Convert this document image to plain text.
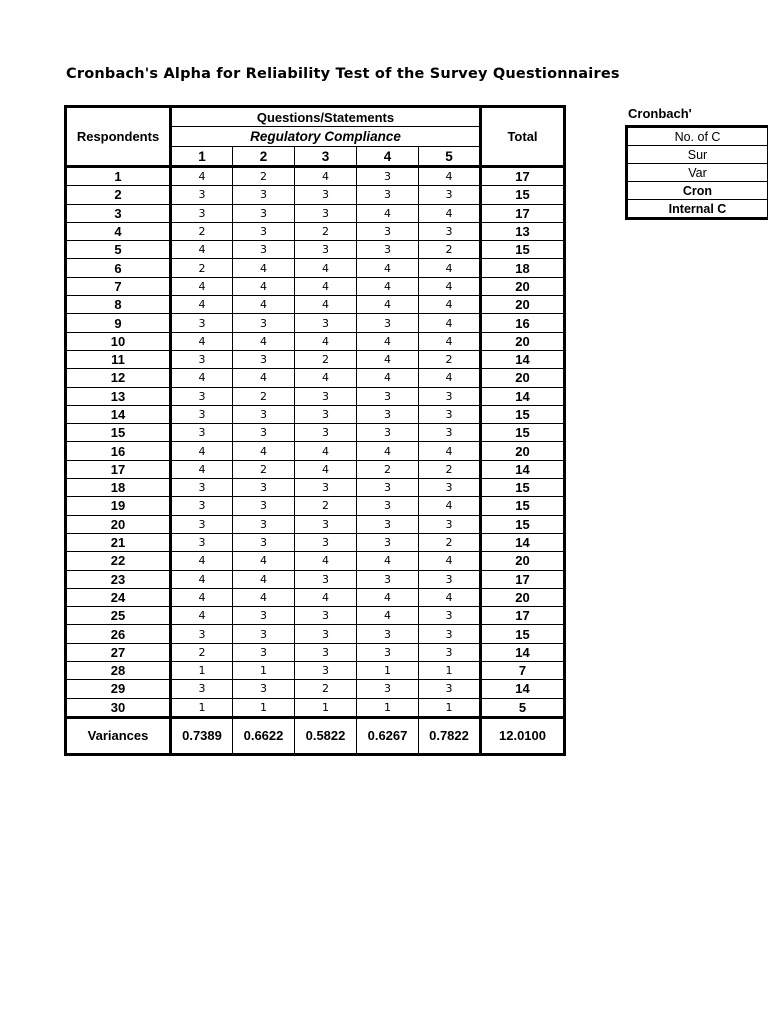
Cronbach's Alpha for Reliability Test of the Survey Questionnaires
Respondents	Questions/Statements					Total
	Regulatory Compliance					
	1	2	3	4	5	
1	4	2	4	3	4	17
2	3	3	3	3	3	15
3	3	3	3	4	4	17
4	2	3	2	3	3	13
5	4	3	3	3	2	15
6	2	4	4	4	4	18
7	4	4	4	4	4	20
8	4	4	4	4	4	20
9	3	3	3	3	4	16
10	4	4	4	4	4	20
11	3	3	2	4	2	14
12	4	4	4	4	4	20
13	3	2	3	3	3	14
14	3	3	3	3	3	15
15	3	3	3	3	3	15
16	4	4	4	4	4	20
17	4	2	4	2	2	14
18	3	3	3	3	3	15
19	3	3	2	3	4	15
20	3	3	3	3	3	15
21	3	3	3	3	2	14
22	4	4	4	4	4	20
23	4	4	3	3	3	17
24	4	4	4	4	4	20
25	4	3	3	4	3	17
26	3	3	3	3	3	15
27	2	3	3	3	3	14
28	1	1	3	1	1	7
29	3	3	2	3	3	14
30	1	1	1	1	1	5
Variances	0.7389	0.6622	0.5822	0.6267	0.7822	12.0100
Cronbach'
No. of C
Sur
Var
Cron
Internal C
